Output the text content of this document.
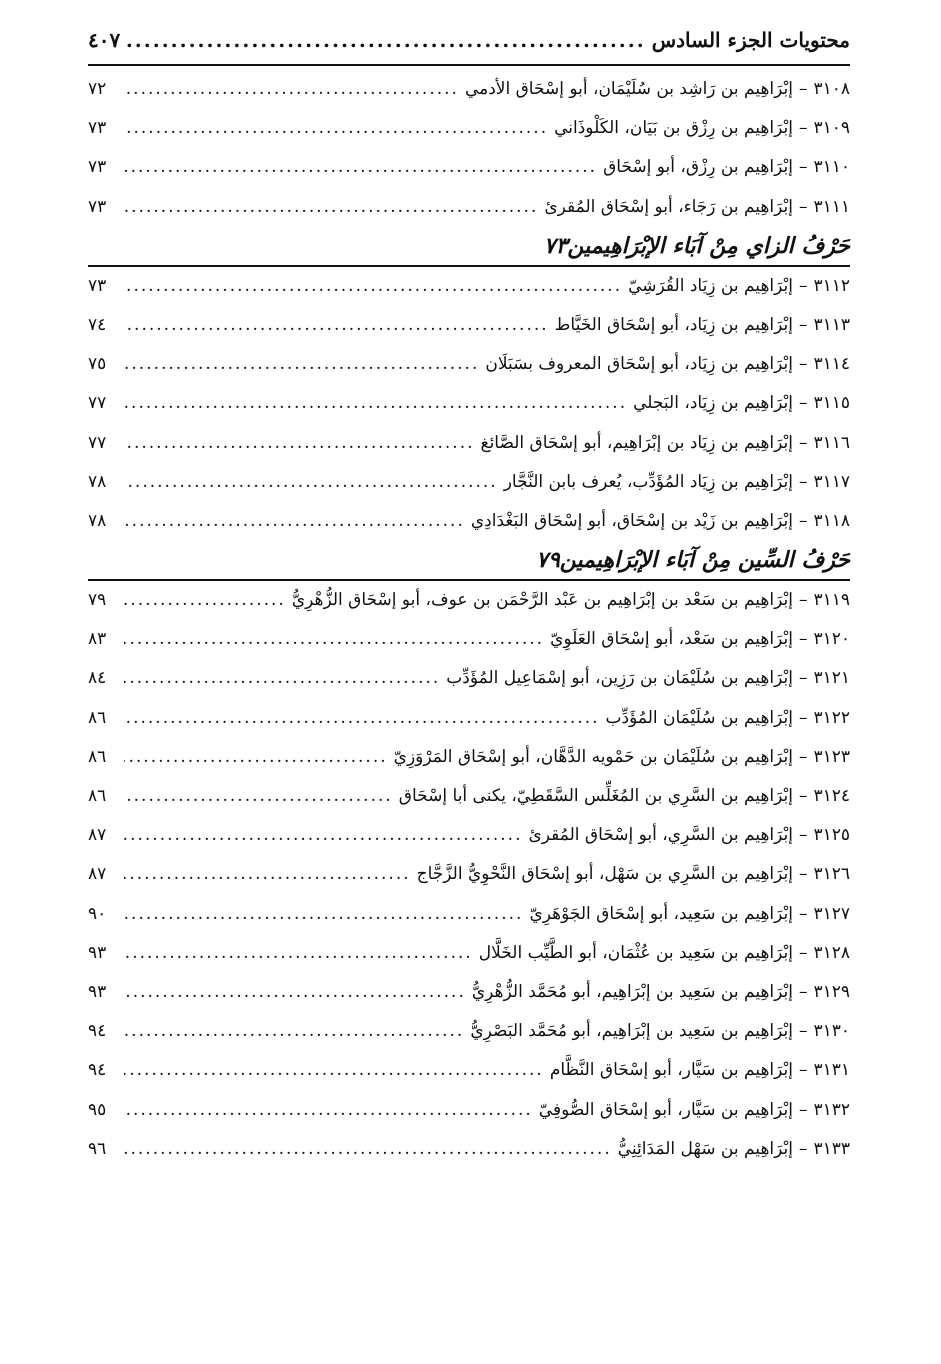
محتويات الجزء السادس
.....
٤٠٧
٣١٠٨
–
إبْرَاهِيم بن رَاشِد بن سُلَيْمَان، أبو إسْحَاق الأدمي
.....
٧٢
٣١٠٩
–
إبْرَاهِيم بن رِزْق بن بَيَان، الكَلْوذَاني
.....
٧٣
٣١١٠
–
إبْرَاهِيم بن رِزْق، أبو إسْحَاق
.....
٧٣
٣١١١
–
إبْرَاهِيم بن رَجَاء، أبو إسْحَاق المُقرئ
.....
٧٣
حَرْفُ الزاي مِنْ آبَاء الإبْرَاهِيمين
٧٣
٣١١٢
–
إبْرَاهِيم بن زِيَاد القُرَشِيّ
.....
٧٣
٣١١٣
–
إبْرَاهِيم بن زِيَاد، أبو إسْحَاق الخَيَّاط
.....
٧٤
٣١١٤
–
إبْرَاهِيم بن زِيَاد، أبو إسْحَاق المعروف بسَبَلَان
.....
٧٥
٣١١٥
–
إبْرَاهِيم بن زِيَاد، البَجلي
.....
٧٧
٣١١٦
–
إبْرَاهِيم بن زِيَاد بن إبْرَاهِيم، أبو إسْحَاق الصَّائغ
.....
٧٧
٣١١٧
–
إبْرَاهِيم بن زِيَاد المُؤَدِّب، يُعرف بابن النَّجَّار
.....
٧٨
٣١١٨
–
إبْرَاهِيم بن زَيْد بن إسْحَاق، أبو إسْحَاق البَغْدَادِي
.....
٧٨
حَرْفُ السِّين مِنْ آبَاء الإبْرَاهِيمين
٧٩
٣١١٩
–
إبْرَاهِيم بن سَعْد بن إبْرَاهِيم بن عَبْد الرَّحْمَن بن عوف، أبو إسْحَاق الزُّهْرِيُّ
.....
٧٩
٣١٢٠
–
إبْرَاهِيم بن سَعْد، أبو إسْحَاق العَلَوِيّ
.....
٨٣
٣١٢١
–
إبْرَاهِيم بن سُلَيْمَان بن رَزِين، أبو إسْمَاعِيل المُؤَدِّب
.....
٨٤
٣١٢٢
–
إبْرَاهِيم بن سُلَيْمَان المُؤَدِّب
.....
٨٦
٣١٢٣
–
إبْرَاهِيم بن سُلَيْمَان بن حَمْويه الدَّهَّان، أبو إسْحَاق المَرْوَزِيّ
.....
٨٦
٣١٢٤
–
إبْرَاهِيم بن السَّرِي بن المُغَلِّس السَّقَطِيّ، يكنى أبا إسْحَاق
.....
٨٦
٣١٢٥
–
إبْرَاهِيم بن السَّرِي، أبو إسْحَاق المُقرئ
.....
٨٧
٣١٢٦
–
إبْرَاهِيم بن السَّرِي بن سَهْل، أبو إسْحَاق النَّحْوِيُّ الزَّجَّاج
.....
٨٧
٣١٢٧
–
إبْرَاهِيم بن سَعِيد، أبو إسْحَاق الجَوْهَرِيّ
.....
٩٠
٣١٢٨
–
إبْرَاهِيم بن سَعِيد بن عُثْمَان، أبو الطَّيِّب الخَلَّال
.....
٩٣
٣١٢٩
–
إبْرَاهِيم بن سَعِيد بن إبْرَاهِيم، أبو مُحَمَّد الزُّهْرِيُّ
.....
٩٣
٣١٣٠
–
إبْرَاهِيم بن سَعِيد بن إبْرَاهِيم، أبو مُحَمَّد البَصْرِيُّ
.....
٩٤
٣١٣١
–
إبْرَاهِيم بن سَيَّار، أبو إسْحَاق النَّظَّام
.....
٩٤
٣١٣٢
–
إبْرَاهِيم بن سَيَّار، أبو إسْحَاق الصُّوفِيّ
.....
٩٥
٣١٣٣
–
إبْرَاهِيم بن سَهْل المَدَائِنِيُّ
.....
٩٦
